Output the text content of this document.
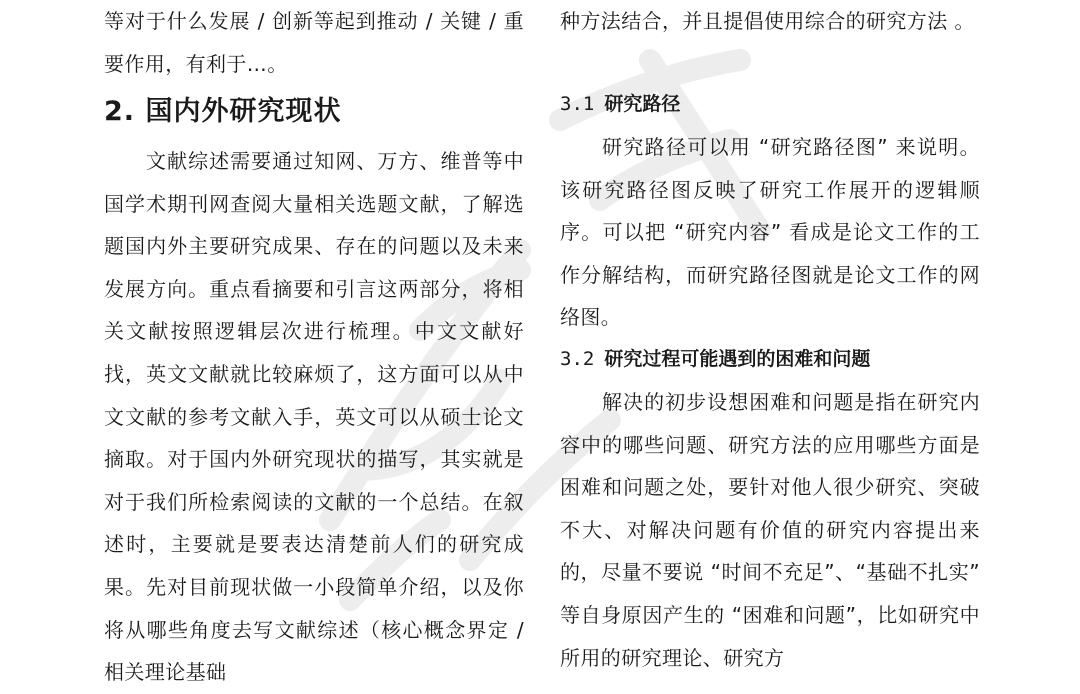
等对于什么发展 / 创新等起到推动 / 关键 / 重要作用，有利于…。

2. 国内外研究现状

文献综述需要通过知网、万方、维普等中国学术期刊网查阅大量相关选题文献，了解选题国内外主要研究成果、存在的问题以及未来发展方向。重点看摘要和引言这两部分，将相关文献按照逻辑层次进行梳理。中文文献好找，英文文献就比较麻烦了，这方面可以从中文文献的参考文献入手，英文可以从硕士论文摘取。对于国内外研究现状的描写，其实就是对于我们所检索阅读的文献的一个总结。在叙述时，主要就是要表达清楚前人们的研究成果。先对目前现状做一小段简单介绍，以及你将从哪些角度去写文献综述（核心概念界定 / 相关理论基础

种方法结合，并且提倡使用综合的研究方法 。

3.1 研究路径

研究路径可以用 “研究路径图” 来说明。该研究路径图反映了研究工作展开的逻辑顺序。可以把 “研究内容” 看成是论文工作的工作分解结构，而研究路径图就是论文工作的网络图。

3.2 研究过程可能遇到的困难和问题

解决的初步设想困难和问题是指在研究内容中的哪些问题、研究方法的应用哪些方面是困难和问题之处，要针对他人很少研究、突破不大、对解决问题有价值的研究内容提出来的，尽量不要说 “时间不充足”、“基础不扎实” 等自身原因产生的 “困难和问题”，比如研究中所用的研究理论、研究方
